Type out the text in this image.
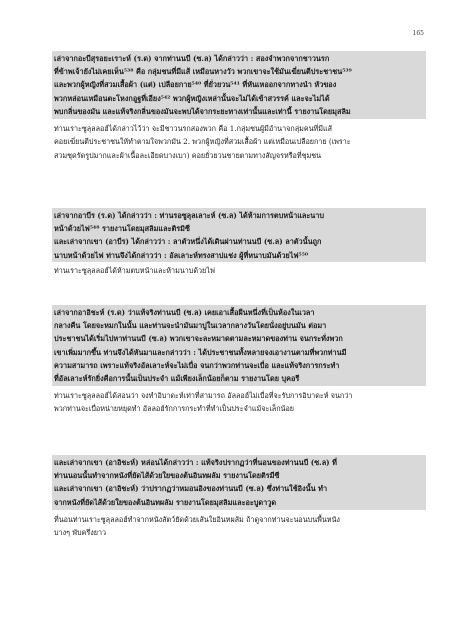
165
เล่าจากอะบีสุรอยะเราะห์ (ร.ด) จากท่านนบี (ซ.ล) ได้กล่าวว่า : สองจำพวกจากชาวนรก
ที่ข้าพเจ้ายังไม่เคยเห็น⁵³⁸ คือ กลุ่มชนที่มีแส้ เหมือนหางวัว พวกเขาจะใช้มันเฆี่ยนตีประชาชน⁵³⁹
และพวกผู้หญิงที่สวมเสื้อผ้า (แต่) เปลือยกาย⁵⁴⁰ ที่ยั่วยวน⁵⁴¹ ที่หันเหออกจากทางนำ หัวของ
พวกหล่อนเหมือนตะโหงกอูฐที่เอียง⁵⁴² พวกผู้หญิงเหล่านั้นจะไม่ได้เข้าสวรรค์ และจะไม่ได้
พบกลิ่นของมัน และแท้จริงกลิ่นของมันจะพบได้จากระยะทางเท่านั้นและเท่านี้ รายงานโดยมุสลิม
ท่านเราะซูลุลลอฮ์ได้กล่าวไว้ว่า จะมีชาวนรกสองพวก คือ 1.กลุ่มชนผู้มีอำนาจกลุ่มคนที่มีแส้
คอยเฆี่ยนตีประชาชนให้ทำตามใจพวกมัน 2. พวกผู้หญิงที่สวมเสื้อผ้า แต่เหมือนเปลือยกาย (เพราะ
สวมชุดรัดรูปมากและผ้าเนื้อละเอียดบางเบา) คอยยั่วยวนชายตามทางสัญจรหรือที่ชุมชน
เล่าจากอาบีร (ร.ด) ได้กล่าวว่า : ท่านรอซูลุลเลาะห์ (ซ.ล) ได้ห้ามการตบหน้าและนาบ
หน้าด้วยไฟ⁵⁴⁸ รายงานโดยมุสลิมและติรมิซี
และเล่าจากเขา (อาบีร) ได้กล่าวว่า : ลาตัวหนึ่งได้เดินผ่านท่านนบี (ซ.ล) ลาตัวนั้นถูก
นาบหน้าด้วยไฟ ท่านจึงได้กล่าวว่า : อัลเลาะห์ทรงสาปแช่ง ผู้ที่หนาบมันด้วยไฟ⁵⁵⁰
ท่านเราะซูลุลลอฮ์ได้ห้ามตบหน้าและห้ามนาบด้วยไฟ
เล่าจากอาอิชะห์ (ร.ด) ว่าแท้จริงท่านนบี (ซ.ล) เคยเอาเสื้อผืนหนึ่งที่เป็นห้องในเวลา
กลางคืน โดยจะหมกในนั้น และท่านจะนำมันมาปูในเวลากลางวันโดยนั่งอยู่บนมัน ต่อมา
ประชาชนได้เริ่มไปหาท่านนบี (ซ.ล) พวกเขาจะละหมาดตามละหมาดของท่าน จนกระทั่งพวก
เขาเพิ่มมากขึ้น ท่านจึงได้หันมาและกล่าวว่า : ได้ประชาชนทั้งหลายจงเอางานตามที่พวกท่านมี
ความสามารถ เพราะแท้จริงอัลเลาะห์จะไม่เบื่อ จนกว่าพวกท่านจะเบื่อ และแท้จริงการกระทำ
ที่อัลเลาะห์รักยิ่งคือการนั้นเป็นประจำ แม้เพียงเล็กน้อยก็ตาม รายงานโดย บุคอรี
ท่านเราะซูลุลลอฮ์ได้สอนว่า จงทำอิบาดะห์เท่าที่สามารถ อัลลอฮ์ไม่เบื่อที่จะรับการอิบาดะห์ จนกว่า
พวกท่านจะเบื่อหน่ายหยุดทำ อัลลอฮ์รักการกระทำที่ทำเป็นประจำแม้จะเล็กน้อย
และเล่าจากเขา (อาอิชะห์) หล่อนได้กล่าวว่า : แท้จริงปรากฏว่าที่นอนของท่านนบี (ซ.ล) ที่
ท่านนอนนั้นทำจากหนังที่ยัดไส้ด้วยใยของต้นอินทผลัม รายงานโดยติรมีซี
และเล่าจากเขา (อาอิชะห์) ว่าปรากฏว่าหมอนอิงของท่านนบี (ซ.ล) ซึ่งท่านใช้อิงนั้น ทำ
จากหนังที่ยัดไส้ด้วยใยของต้นอินทผลัม รายงานโดยมุสลิมและอะบูดาวูด
ที่นอนท่านเราะซูลุลลอฮ์ทำจากหนังสัตว์ยัดด้วยเส้นใยอินทผลัม ถ้าดูจากท่านจะนอนบนพื้นหนัง
บางๆ พับครึ่งยาว
